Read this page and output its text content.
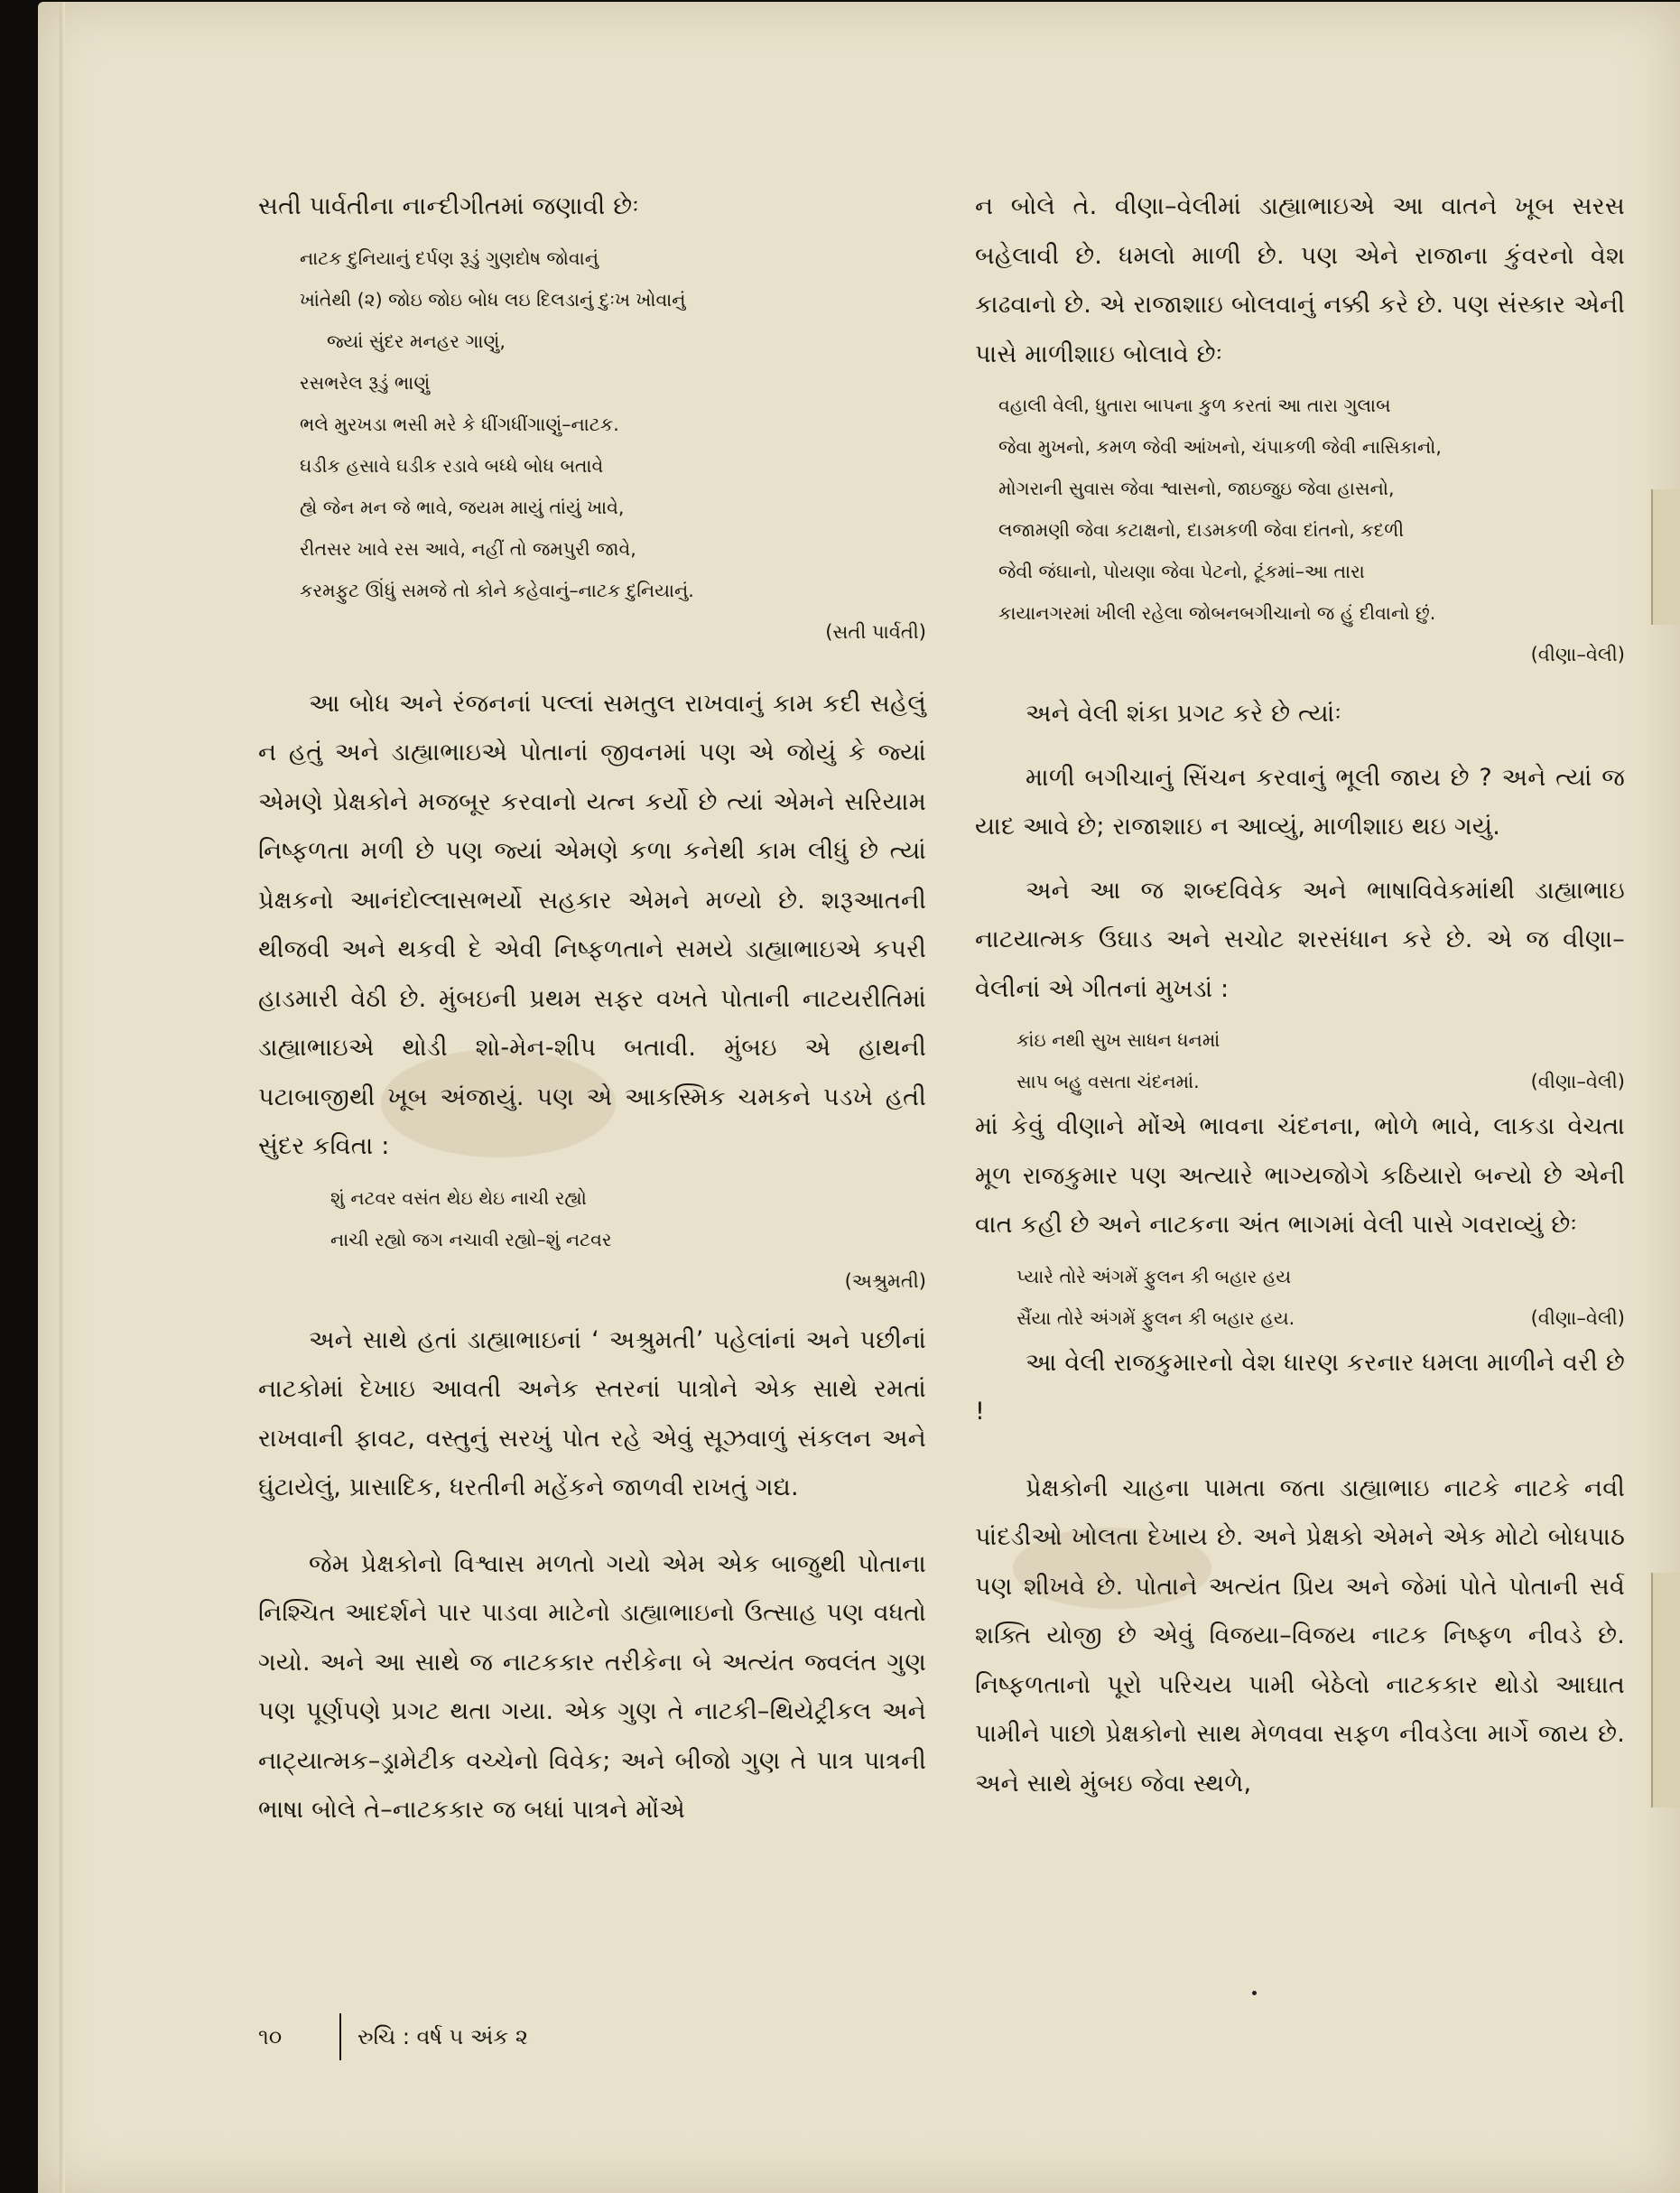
સતી પાર્વતીના નાન્દીગીતમાં જણાવી છેઃ

નાટક દુનિયાનું દર્પણ રૂડું ગુણદોષ જોવાનું
ખાંતેથી (૨) જોઇ જોઇ બોધ લઇ દિલડાનું દુઃખ ખોવાનું
જ્યાં સુંદર મનહર ગાણું,
રસભરેલ રૂડું ભાણું
ભલે મુરખડા ભસી મરે કે ધીંગધીંગાણું–નાટક.
ઘડીક હસાવે ઘડીક રડાવે બધ્ધે બોધ બતાવે
હ્યે જેન મન જે ભાવે, જયમ માયું તાંયું ખાવે,
રીતસર ખાવે રસ આવે, નહીં તો જમપુરી જાવે,
કરમફુટ ઊંધું સમજે તો કોને કહેવાનું–નાટક દુનિયાનું.
(સતી પાર્વતી)

આ બોધ અને રંજનનાં પલ્લાં સમતુલ રાખવાનું કામ કદી સહેલું ન હતું અને ડાહ્યાભાઇએ પોતાનાં જીવનમાં પણ એ જોયું કે જ્યાં એમણે પ્રેક્ષકોને મજબૂર કરવાનો યત્ન કર્યો છે ત્યાં એમને સરિયામ નિષ્ફળતા મળી છે પણ જ્યાં એમણે કળા કનેથી કામ લીધું છે ત્યાં પ્રેક્ષકનો આનંદોલ્લાસભર્યો સહકાર એમને મળ્યો છે. શરૂઆતની થીજવી અને થકવી દે એવી નિષ્ફળતાને સમયે ડાહ્યાભાઇએ કપરી હાડમારી વેઠી છે. મુંબઇની પ્રથમ સફર વખતે પોતાની નાટયરીતિમાં ડાહ્યાભાઇએ થોડી શો-મેન-શીપ બતાવી. મુંબઇ એ હાથની પટાબાજીથી ખૂબ અંજાયું. પણ એ આકસ્મિક ચમકને પડખે હતી સુંદર કવિતા :

શું નટવર વસંત થેઇ થેઇ નાચી રહ્યો
નાચી રહ્યો જગ નચાવી રહ્યો–શું નટવર
(અશ્રુમતી)

અને સાથે હતાં ડાહ્યાભાઇનાં ‘ અશ્રુમતી’ પહેલાંનાં અને પછીનાં નાટકોમાં દેખાઇ આવતી અનેક સ્તરનાં પાત્રોને એક સાથે રમતાં રાખવાની ફાવટ, વસ્તુનું સરખું પોત રહે એવું સૂઝવાળું સંકલન અને ઘુંટાયેલું, પ્રાસાદિક, ધરતીની મહેંકને જાળવી રાખતું ગદ્ય.

જેમ પ્રેક્ષકોનો વિશ્વાસ મળતો ગયો એમ એક બાજુથી પોતાના નિશ્ચિત આદર્શને પાર પાડવા માટેનો ડાહ્યાભાઇનો ઉત્સાહ પણ વધતો ગયો. અને આ સાથે જ નાટકકાર તરીકેના બે અત્યંત જ્વલંત ગુણ પણ પૂર્ણપણે પ્રગટ થતા ગયા. એક ગુણ તે નાટકી–થિયેટ્રીકલ અને નાટ્યાત્મક–ડ્રામેટીક વચ્ચેનો વિવેક; અને બીજો ગુણ તે પાત્ર પાત્રની ભાષા બોલે તે–નાટકકાર જ બધાં પાત્રને મોંએ

ન બોલે તે. વીણા–વેલીમાં ડાહ્યાભાઇએ આ વાતને ખૂબ સરસ બહેલાવી છે. ધમલો માળી છે. પણ એને રાજાના કુંવરનો વેશ કાઢવાનો છે. એ રાજાશાઇ બોલવાનું નક્કી કરે છે. પણ સંસ્કાર એની પાસે માળીશાઇ બોલાવે છેઃ

વહાલી વેલી, ધુતારા બાપના કુળ કરતાં આ તારા ગુલાબ
જેવા મુખનો, કમળ જેવી આંખનો, ચંપાકળી જેવી નાસિકાનો,
મોગરાની સુવાસ જેવા શ્વાસનો, જાઇજુઇ જેવા હાસનો,
લજામણી જેવા કટાક્ષનો, દાડમકળી જેવા દાંતનો, કદળી
જેવી જંઘાનો, પોયણા જેવા પેટનો, ટૂંકમાં–આ તારા
કાયાનગરમાં ખીલી રહેલા જોબનબગીચાનો જ હું દીવાનો છું.
(વીણા–વેલી)

અને વેલી શંકા પ્રગટ કરે છે ત્યાંઃ

માળી બગીચાનું સિંચન કરવાનું ભૂલી જાય છે ? અને ત્યાં જ યાદ આવે છે; રાજાશાઇ ન આવ્યું, માળીશાઇ થઇ ગયું.

અને આ જ શબ્દવિવેક અને ભાષાવિવેકમાંથી ડાહ્યાભાઇ નાટયાત્મક ઉઘાડ અને સચોટ શરસંધાન કરે છે. એ જ વીણા–વેલીનાં એ ગીતનાં મુખડાં :

કાંઇ નથી સુખ સાધન ધનમાં
સાપ બહુ વસતા ચંદનમાં.	(વીણા–વેલી)

માં કેવું વીણાને મોંએ ભાવના ચંદનના, ભોળે ભાવે, લાકડા વેચતા મૂળ રાજકુમાર પણ અત્યારે ભાગ્યજોગે કઠિયારો બન્યો છે એની વાત કહી છે અને નાટકના અંત ભાગમાં વેલી પાસે ગવરાવ્યું છેઃ

પ્યારે તોરે અંગમેં ફુલન કી બહાર હય
સૈંયા તોરે અંગમેં ફુલન કી બહાર હય.	(વીણા–વેલી)

આ વેલી રાજકુમારનો વેશ ધારણ કરનાર ધમલા માળીને વરી છે !

પ્રેક્ષકોની ચાહના પામતા જતા ડાહ્યાભાઇ નાટકે નાટકે નવી પાંદડીઓ ખોલતા દેખાય છે. અને પ્રેક્ષકો એમને એક મોટો બોધપાઠ પણ શીખવે છે. પોતાને અત્યંત પ્રિય અને જેમાં પોતે પોતાની સર્વ શક્તિ યોજી છે એવું વિજયા–વિજય નાટક નિષ્ફળ નીવડે છે. નિષ્ફળતાનો પૂરો પરિચય પામી બેઠેલો નાટકકાર થોડો આઘાત પામીને પાછો પ્રેક્ષકોનો સાથ મેળવવા સફળ નીવડેલા માર્ગે જાય છે. અને સાથે મુંબઇ જેવા સ્થળે,

૧૦	રુચિ : વર્ષ ૫ અંક ૨
